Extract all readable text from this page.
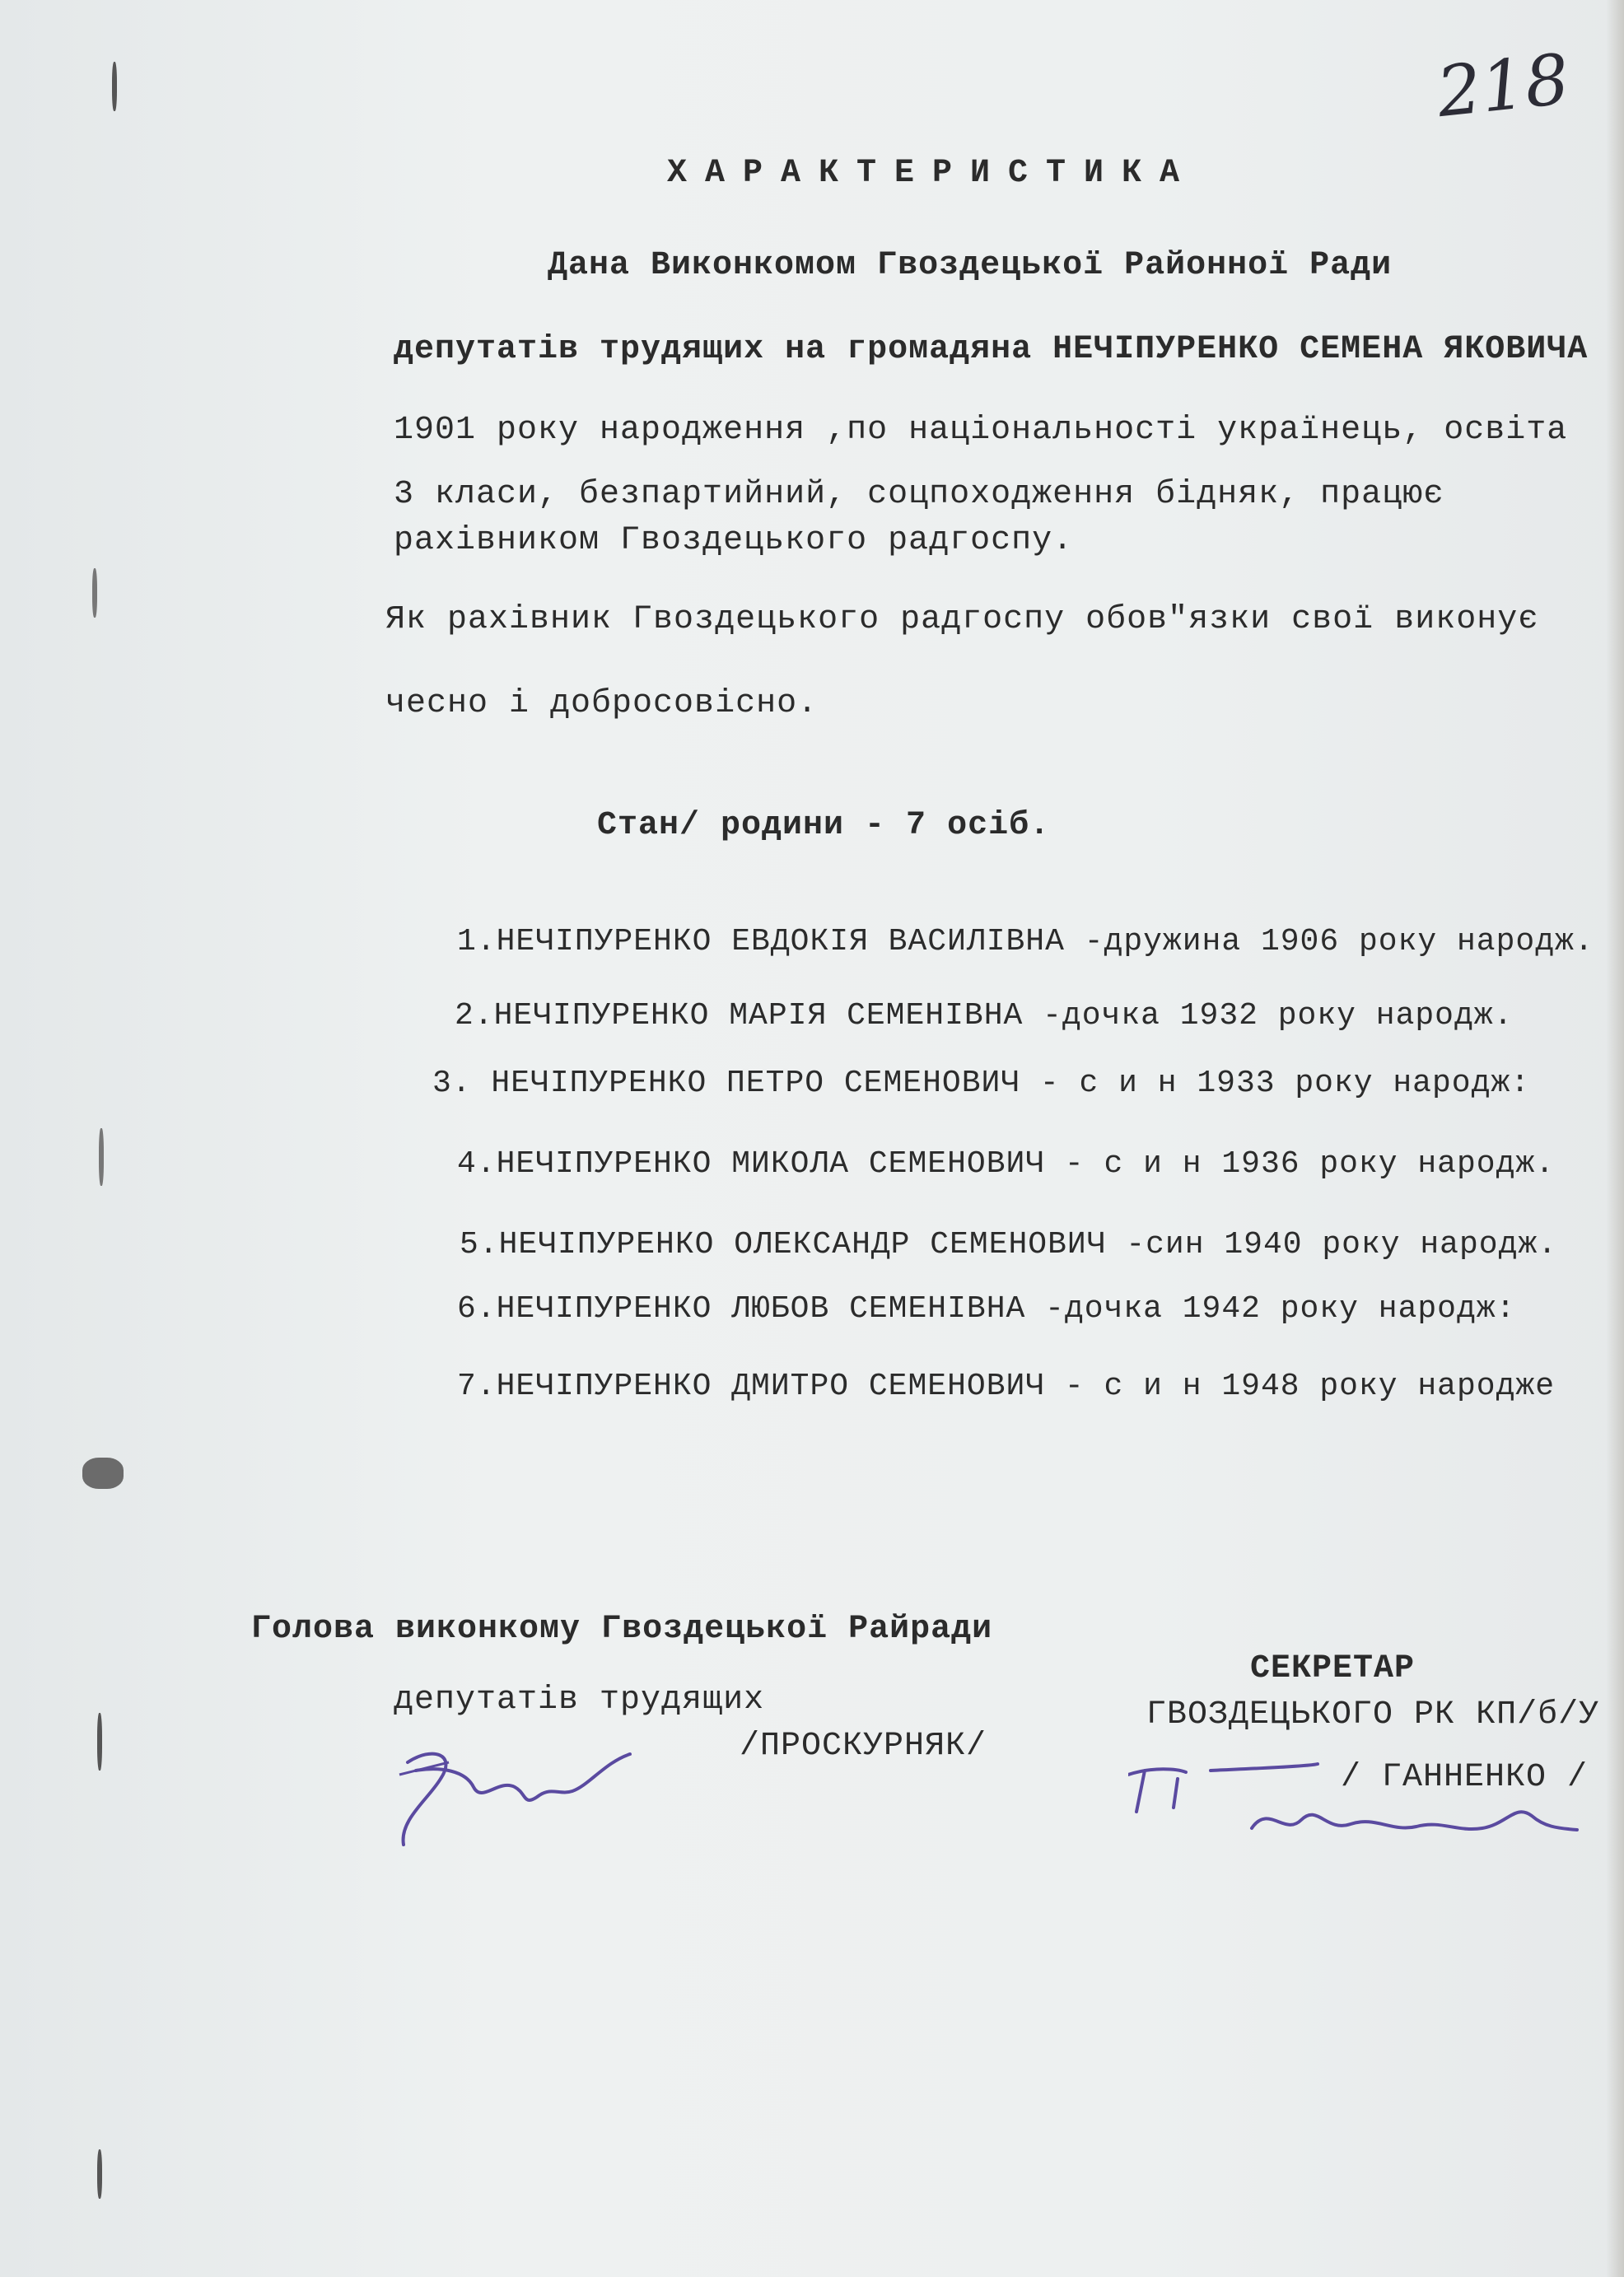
218
ХАРАКТЕРИСТИКА
Дана Виконкомом Гвоздецької Районної Ради
депутатів трудящих на громадяна НЕЧІПУРЕНКО СЕМЕНА ЯКОВИЧА
1901 року народження ,по національності українець, освіта
3 класи, безпартийний, соцпоходження бідняк, працює
рахівником Гвоздецького радгоспу.
Як рахівник Гвоздецького радгоспу обов"язки свої виконує
чесно і добросовісно.
Стан/ родини - 7 осіб.
1.НЕЧІПУРЕНКО ЕВДОКІЯ ВАСИЛІВНА -дружина 1906 року народж.
2.НЕЧІПУРЕНКО МАРІЯ СЕМЕНІВНА -дочка 1932 року народж.
3. НЕЧІПУРЕНКО ПЕТРО СЕМЕНОВИЧ - с и н 1933 року народж:
4.НЕЧІПУРЕНКО МИКОЛА СЕМЕНОВИЧ - с и н 1936 року народж.
5.НЕЧІПУРЕНКО ОЛЕКСАНДР СЕМЕНОВИЧ -син 1940 року народж.
6.НЕЧІПУРЕНКО ЛЮБОВ СЕМЕНІВНА -дочка 1942 року народж:
7.НЕЧІПУРЕНКО ДМИТРО СЕМЕНОВИЧ - с и н 1948 року народже
Голова виконкому Гвоздецької Райради
депутатів трудящих
/ПРОСКУРНЯК/
СЕКРЕТАР
ГВОЗДЕЦЬКОГО РК КП/б/У
/ ГАННЕНКО /
